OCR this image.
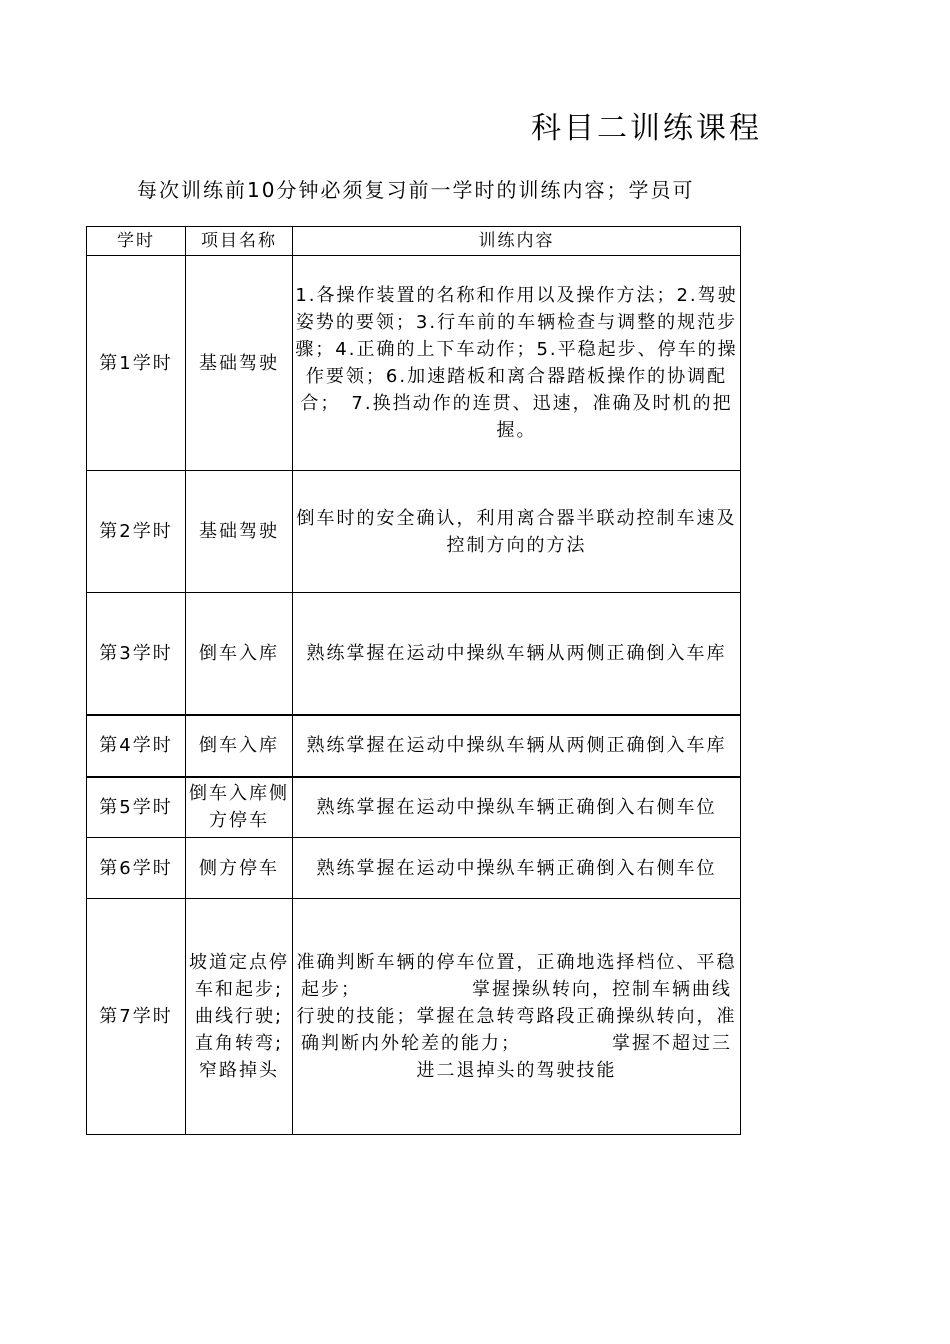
科目二训练课程
每次训练前10分钟必须复习前一学时的训练内容；学员可
学时	项目名称	训练内容
第1学时	基础驾驶	1.各操作装置的名称和作用以及操作方法；2.驾驶姿势的要领；3.行车前的车辆检查与调整的规范步骤；4.正确的上下车动作；5.平稳起步、停车的操作要领；6.加速踏板和离合器踏板操作的协调配合；　7.换挡动作的连贯、迅速，准确及时机的把握。
第2学时	基础驾驶	倒车时的安全确认，利用离合器半联动控制车速及控制方向的方法
第3学时	倒车入库	熟练掌握在运动中操纵车辆从两侧正确倒入车库
第4学时	倒车入库	熟练掌握在运动中操纵车辆从两侧正确倒入车库
第5学时	倒车入库侧方停车	熟练掌握在运动中操纵车辆正确倒入右侧车位
第6学时	侧方停车	熟练掌握在运动中操纵车辆正确倒入右侧车位
第7学时	坡道定点停车和起步;曲线行驶;直角转弯;窄路掉头	准确判断车辆的停车位置，正确地选择档位、平稳起步；　　　　　　掌握操纵转向，控制车辆曲线行驶的技能；掌握在急转弯路段正确操纵转向，准确判断内外轮差的能力；　　　　　掌握不超过三进二退掉头的驾驶技能
